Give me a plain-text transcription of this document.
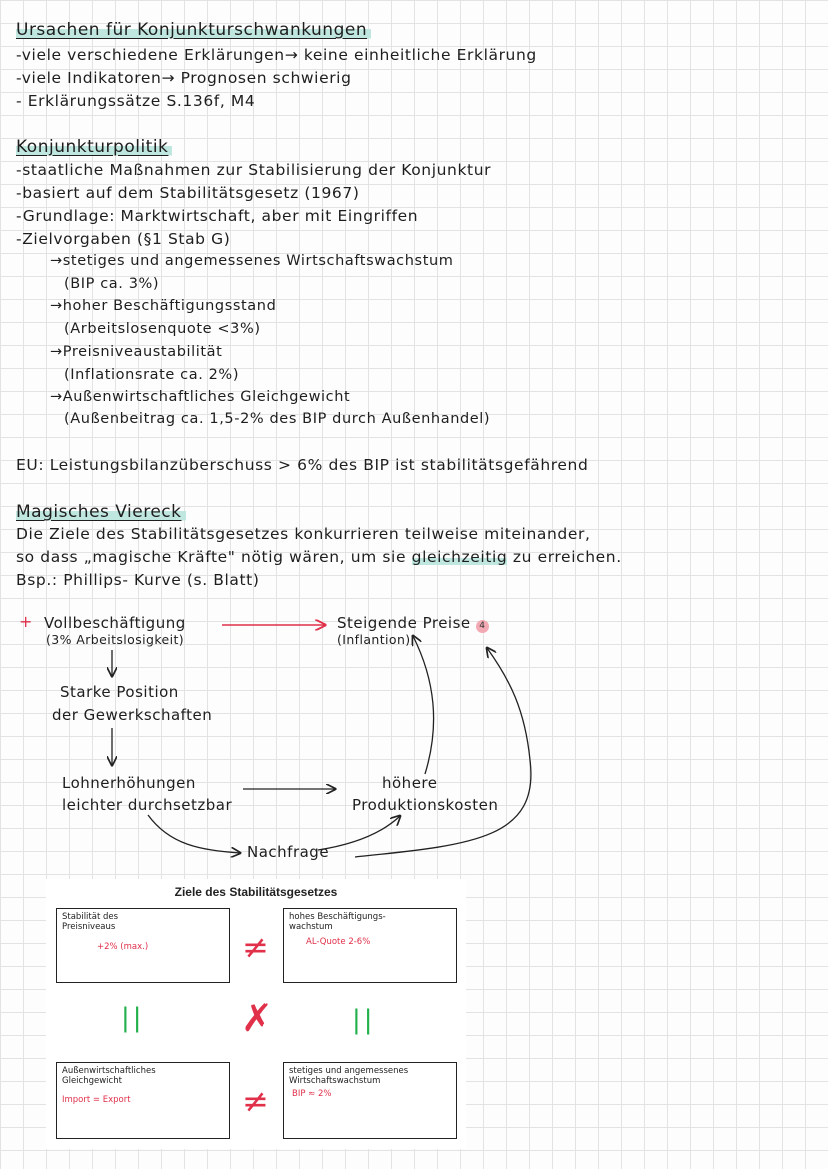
Ursachen für Konjunkturschwankungen
-viele verschiedene Erklärungen→ keine einheitliche Erklärung
-viele Indikatoren→ Prognosen schwierig
- Erklärungssätze S.136f, M4
Konjunkturpolitik
-staatliche Maßnahmen zur Stabilisierung der Konjunktur
-basiert auf dem Stabilitätsgesetz (1967)
-Grundlage: Marktwirtschaft, aber mit Eingriffen
-Zielvorgaben (§1 Stab G)
→stetiges und angemessenes Wirtschaftswachstum
(BIP ca. 3%)
→hoher Beschäftigungsstand
(Arbeitslosenquote <3%)
→Preisniveaustabilität
(Inflationsrate ca. 2%)
→Außenwirtschaftliches Gleichgewicht
(Außenbeitrag ca. 1,5-2% des BIP durch Außenhandel)
EU: Leistungsbilanzüberschuss > 6% des BIP ist stabilitätsgefährend
Magisches Viereck
Die Ziele des Stabilitätsgesetzes konkurrieren teilweise miteinander,
so dass „magische Kräfte" nötig wären, um sie gleichzeitig zu erreichen.
Bsp.: Phillips- Kurve (s. Blatt)
+ Vollbeschäftigung
(3% Arbeitslosigkeit)
Steigende Preise 4
(Inflantion)
Starke Position
der Gewerkschaften
Lohnerhöhungen
leichter durchsetzbar
höhere
Produktionskosten
Nachfrage
Ziele des Stabilitätsgesetzes
Stabilität des Preisniveaus
+2% (max.)
hohes Beschäftigungs-wachstum
AL-Quote 2-6%
≠
||	✗	||
Außenwirtschaftliches Gleichgewicht
Import = Export
stetiges und angemessenes Wirtschaftswachstum
BIP ≈ 2%
≠
